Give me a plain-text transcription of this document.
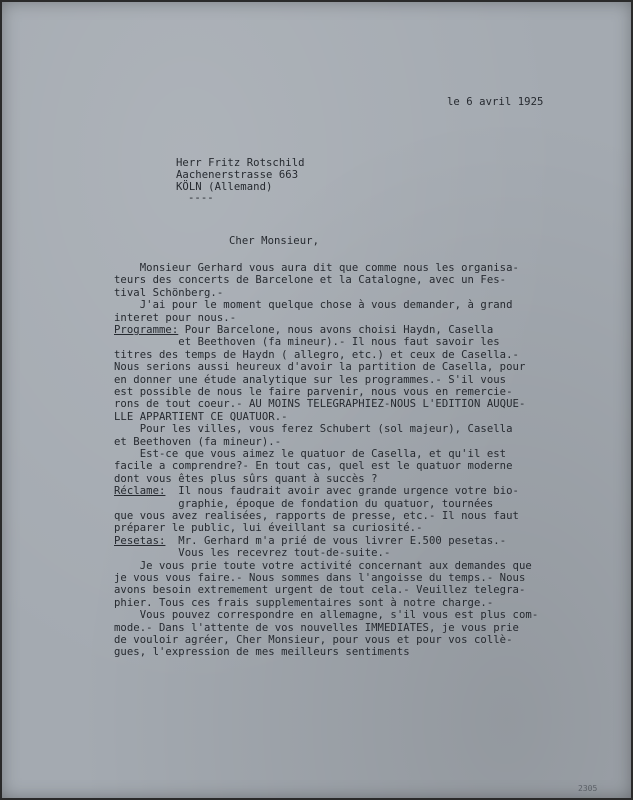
le 6 avril 1925
Herr Fritz Rotschild
Aachenerstrasse 663
KÖLN (Allemand)
----
Cher Monsieur,
Monsieur Gerhard vous aura dit que comme nous les organisa-
teurs des concerts de Barcelone et la Catalogne, avec un Fes-
tival Schönberg.-
J'ai pour le moment quelque chose à vous demander, à grand
interet pour nous.-
Programme: Pour Barcelone, nous avons choisi Haydn, Casella
et Beethoven (fa mineur).- Il nous faut savoir les
titres des temps de Haydn ( allegro, etc.) et ceux de Casella.-
Nous serions aussi heureux d'avoir la partition de Casella, pour
en donner une étude analytique sur les programmes.- S'il vous
est possible de nous le faire parvenir, nous vous en remercie-
rons de tout coeur.- AU MOINS TELEGRAPHIEZ-NOUS L'EDITION AUQUE-
LLE APPARTIENT CE QUATUOR.-
Pour les villes, vous ferez Schubert (sol majeur), Casella
et Beethoven (fa mineur).-
Est-ce que vous aimez le quatuor de Casella, et qu'il est
facile a comprendre?- En tout cas, quel est le quatuor moderne
dont vous êtes plus sûrs quant à succès ?
Réclame:  Il nous faudrait avoir avec grande urgence votre bio-
graphie, époque de fondation du quatuor, tournées
que vous avez realisées, rapports de presse, etc.- Il nous faut
préparer le public, lui éveillant sa curiosité.-
Pesetas:  Mr. Gerhard m'a prié de vous livrer E.500 pesetas.-
Vous les recevrez tout-de-suite.-
Je vous prie toute votre activité concernant aux demandes que
je vous vous faire.- Nous sommes dans l'angoisse du temps.- Nous
avons besoin extremement urgent de tout cela.- Veuillez telegra-
phier. Tous ces frais supplementaires sont à notre charge.-
Vous pouvez correspondre en allemagne, s'il vous est plus com-
mode.- Dans l'attente de vos nouvelles IMMEDIATES, je vous prie
de vouloir agréer, Cher Monsieur, pour vous et pour vos collè-
gues, l'expression de mes meilleurs sentiments
2305
